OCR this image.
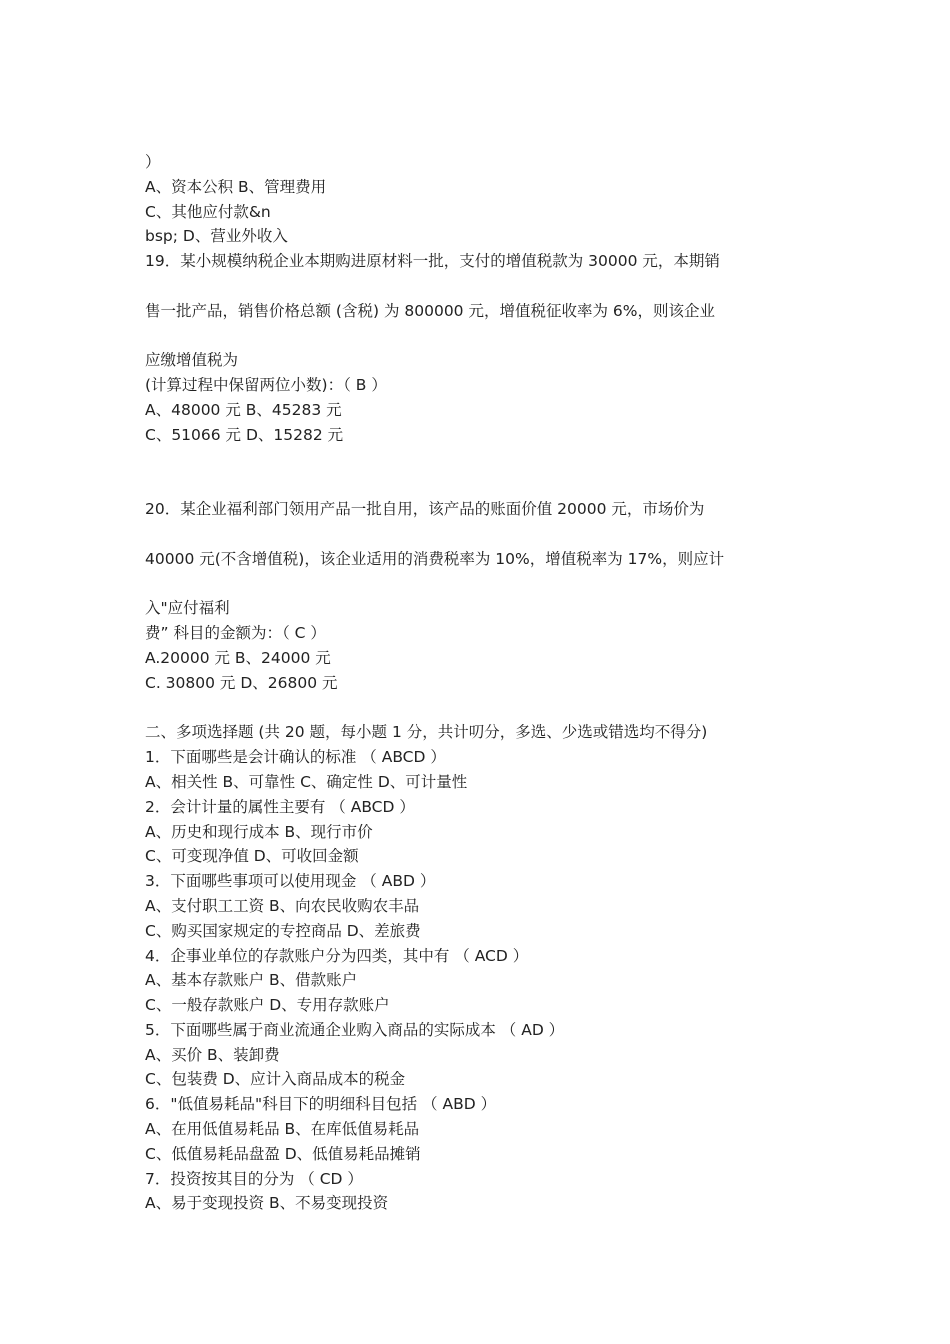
）
A、资本公积 B、管理费用
C、其他应付款&n
bsp; D、营业外收入
19．某小规模纳税企业本期购进原材料一批，支付的增值税款为 30000 元，本期销
售一批产品，销售价格总额 (含税) 为 800000 元，增值税征收率为 6%，则该企业
应缴增值税为
(计算过程中保留两位小数)：（ B ）
A、48000 元 B、45283 元
C、51066 元 D、15282 元
20．某企业福利部门领用产品一批自用，该产品的账面价值 20000 元，市场价为
40000 元(不含增值税)，该企业适用的消费税率为 10%，增值税率为 17%，则应计
入"应付福利
费” 科目的金额为：（ C ）
A.20000 元 B、24000 元
C. 30800 元 D、26800 元
二、多项选择题 (共 20 题，每小题 1 分，共计叨分，多选、少选或错选均不得分)
1．下面哪些是会计确认的标准 （ ABCD ）
A、相关性 B、可靠性 C、确定性 D、可计量性
2．会计计量的属性主要有 （ ABCD ）
A、历史和现行成本 B、现行市价
C、可变现净值 D、可收回金额
3．下面哪些事项可以使用现金 （ ABD ）
A、支付职工工资 B、向农民收购农丰品
C、购买国家规定的专控商品 D、差旅费
4．企事业单位的存款账户分为四类，其中有 （ ACD ）
A、基本存款账户 B、借款账户
C、一般存款账户 D、专用存款账户
5．下面哪些属于商业流通企业购入商品的实际成本 （ AD ）
A、买价 B、装卸费
C、包装费 D、应计入商品成本的税金
6．"低值易耗品"科目下的明细科目包括 （ ABD ）
A、在用低值易耗品 B、在库低值易耗品
C、低值易耗品盘盈 D、低值易耗品摊销
7．投资按其目的分为 （ CD ）
A、易于变现投资 B、不易变现投资
